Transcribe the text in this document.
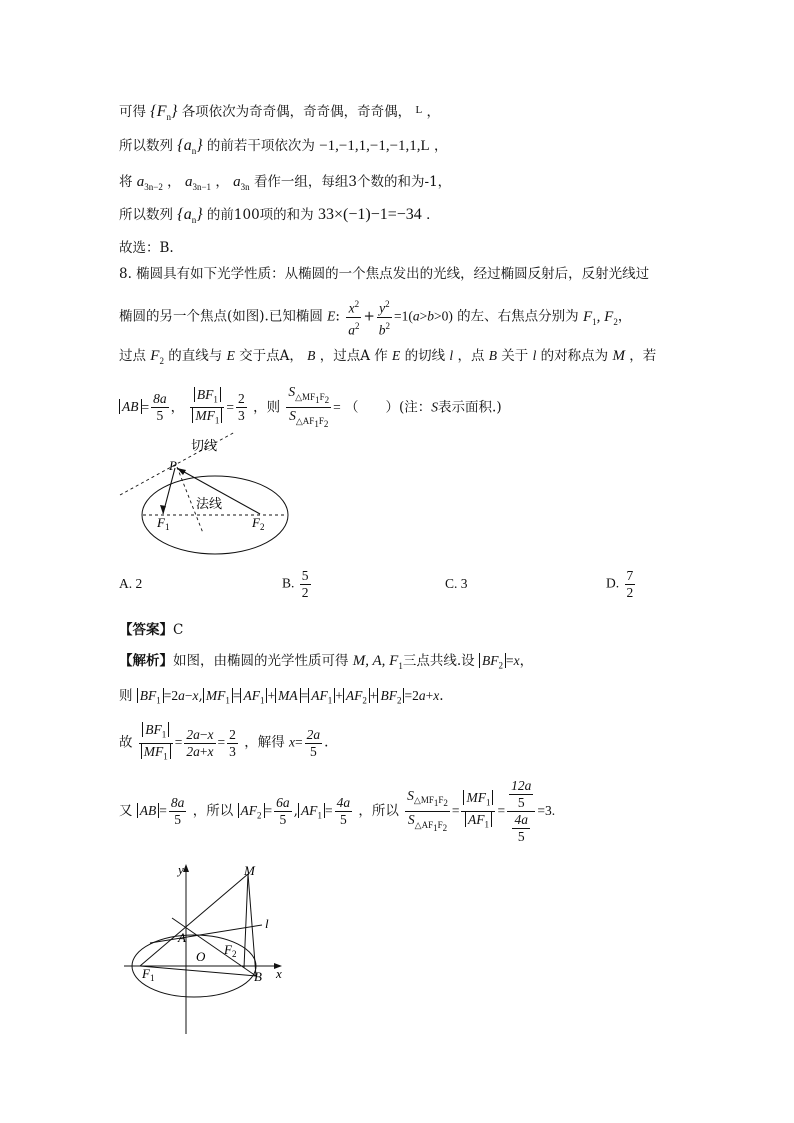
可得 $\{F_n\}$ 各项依次为奇奇偶，奇奇偶，奇奇偶， $^L$ ，
所以数列 $\{a_n\}$ 的前若干项依次为 −1,−1,1,−1,−1,1,L ，
将 $a_{3n-2}$ ， $a_{3n-1}$ ， $a_{3n}$ 看作一组，每组3个数的和为-1，
所以数列 $\{a_n\}$ 的前100项的和为 33×(−1)−1=−34 ．
故选：B.
8. 椭圆具有如下光学性质：从椭圆的一个焦点发出的光线，经过椭圆反射后，反射光线过
椭圆的另一个焦点(如图).已知椭圆 E: $\frac{x^2}{a^2} + \frac{y^2}{b^2} =1(a>b>0)$ 的左、右焦点分别为 $F_1$, $F_2$，
过点 $F_2$ 的直线与 E 交于点A， B ，过点A 作 E 的切线 l ，点 B 关于 l 的对称点为 M ，若
AB = $\frac{8a}{5}$ ， $\frac{BF_1}{MF_1} = \frac{2}{3}$ ，则 $\frac{S_{\triangle MF_1F_2}}{S_{\triangle AF_1F_2}}$ = （　　）(注：S表示面积.)
切线
法线
P
F 1	F 2
A. 2	B. $\frac{5}{2}$	C. 3	D. $\frac{7}{2}$
【答案】C
【解析】如图，由椭圆的光学性质可得 M, A, $F_1$三点共线.设 $BF_2 =x$，
则 $BF_1 =2a-x$, $MF_1 = AF_1$ + MA = $AF_1 + AF_2 + BF_2 =2a+x$.
故 $\frac{BF_1}{MF_1} = \frac{2a-x}{2a+x} = \frac{2}{3}$ ，解得 $x= \frac{2a}{5}$ .
又 AB = $\frac{8a}{5}$ ，所以 $AF_2 = \frac{6a}{5}$ , $AF_1 = \frac{4a}{5}$ ，所以 $\frac{S_{\triangle MF_1F_2}}{S_{\triangle AF_1F_2}} = \frac{MF_1}{AF_1} = \frac{\frac{12a}{5}}{\frac{4a}{5}} =3$.
y
x
M
l
A
O
F 1
F 2
B
